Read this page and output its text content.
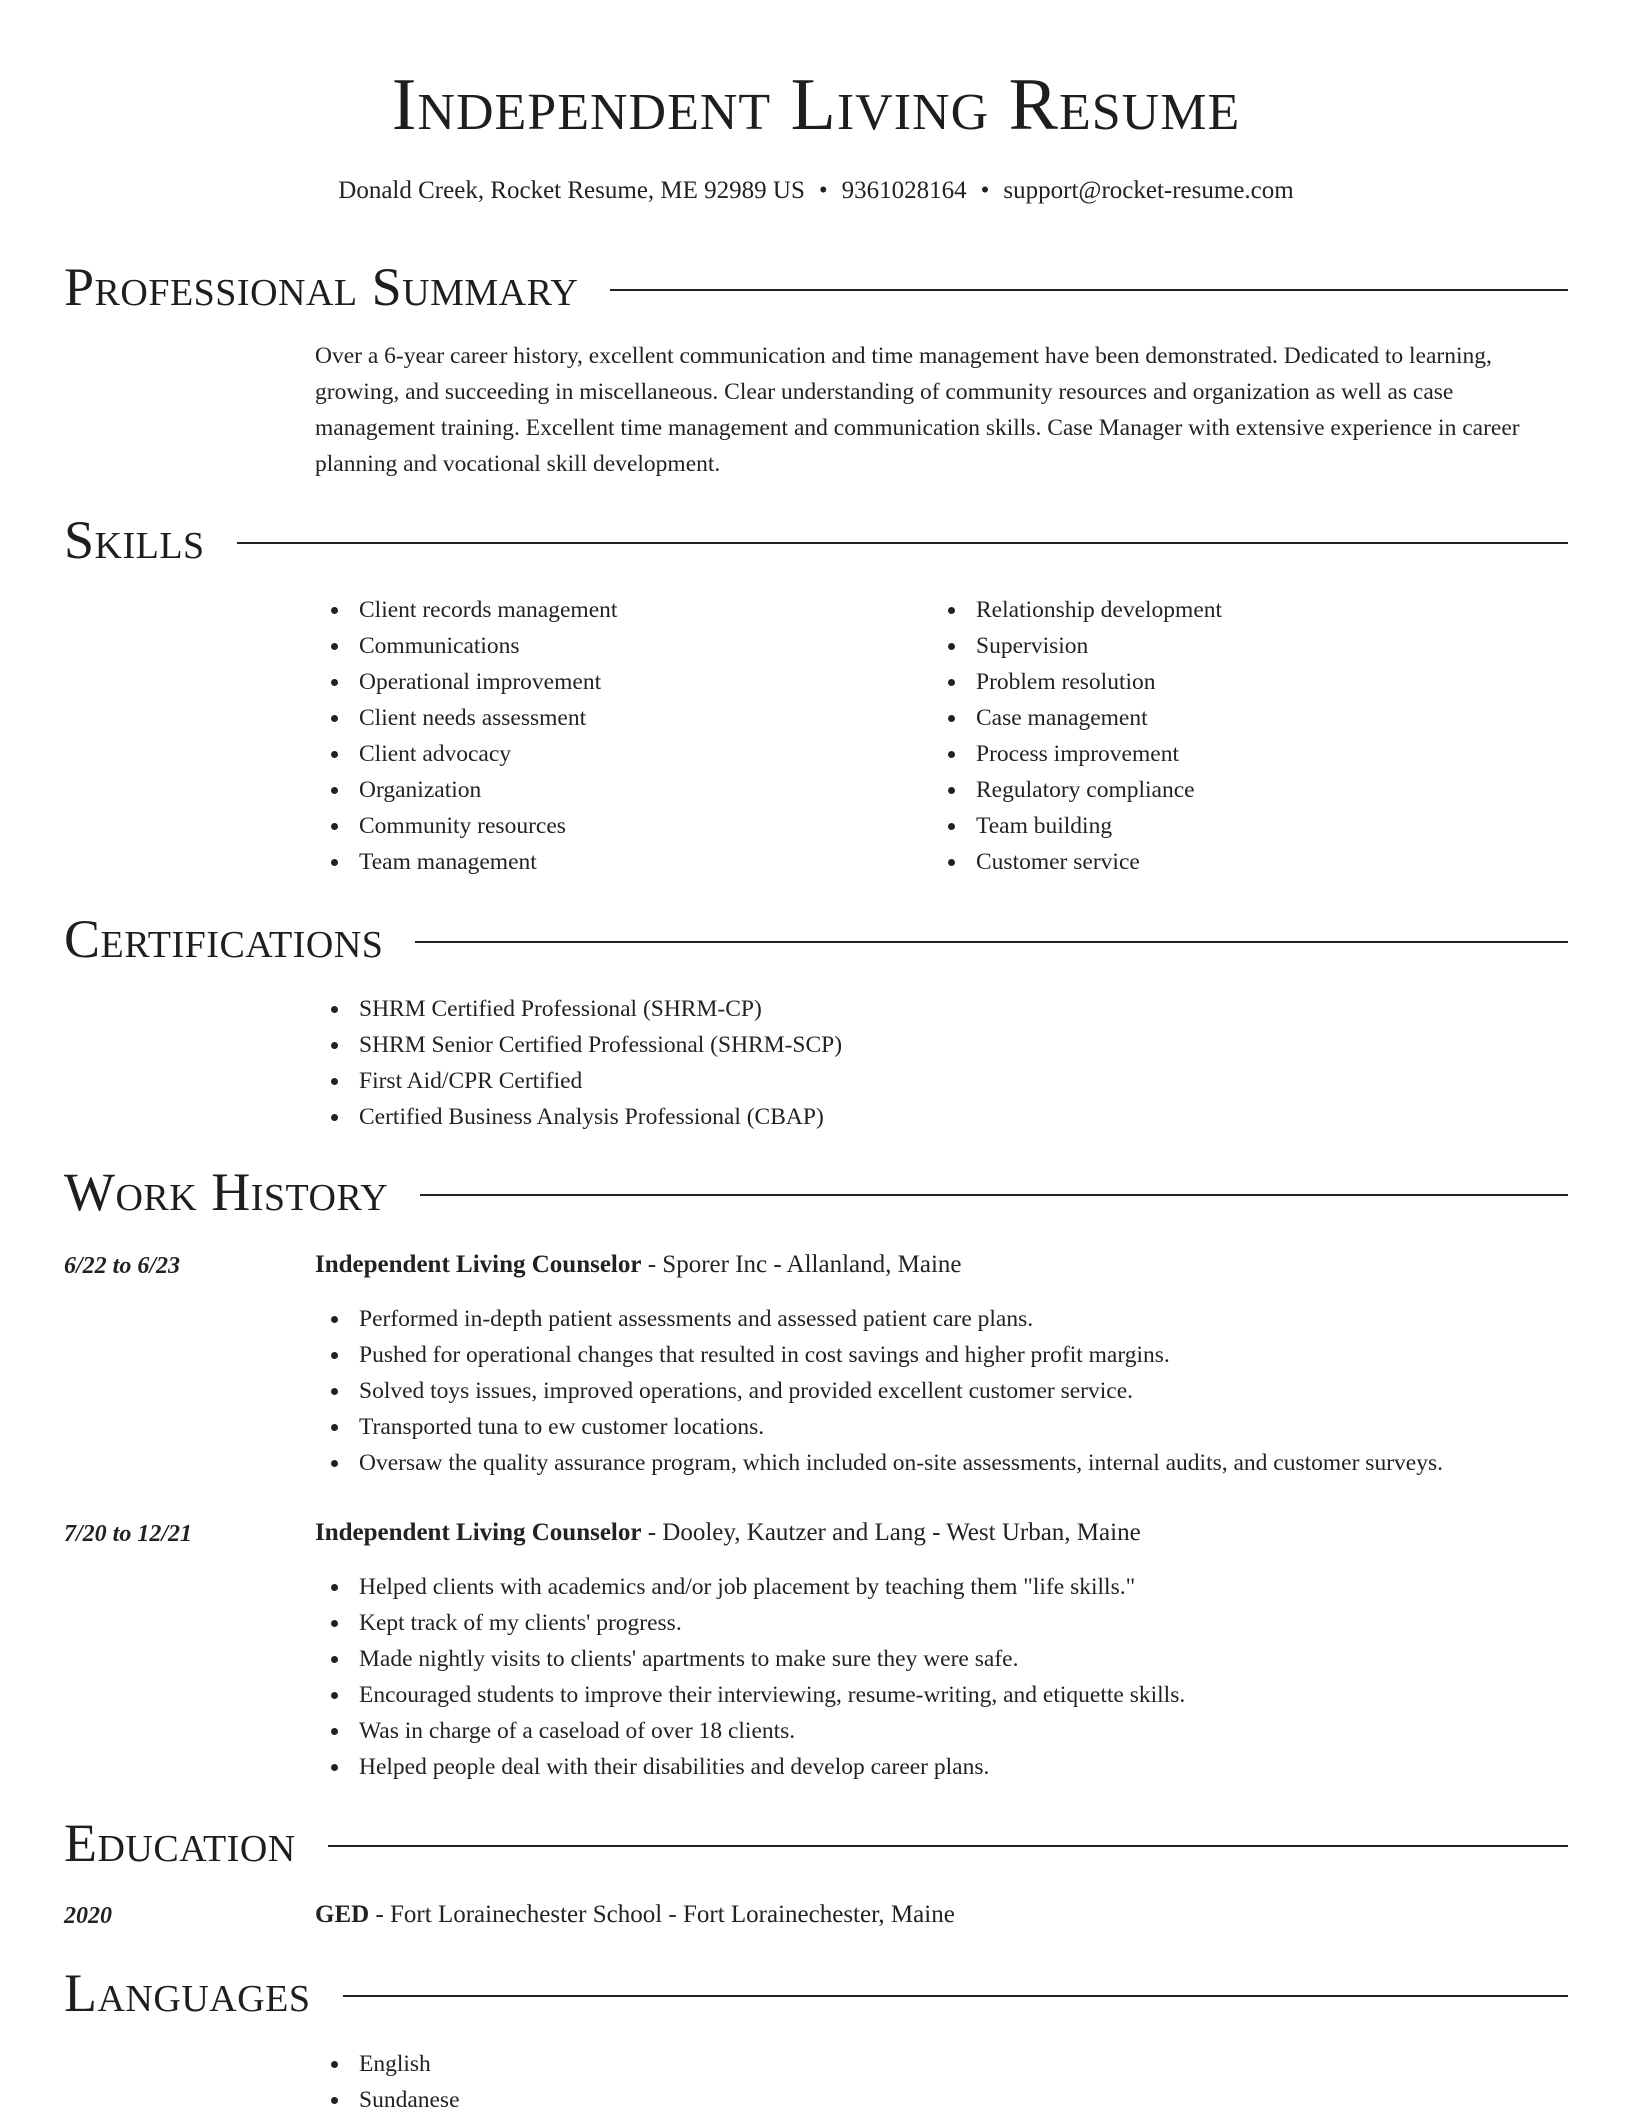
Independent Living Resume
Donald Creek, Rocket Resume, ME 92989 US • 9361028164 • support@rocket-resume.com
Professional Summary
Over a 6-year career history, excellent communication and time management have been demonstrated. Dedicated to learning, growing, and succeeding in miscellaneous. Clear understanding of community resources and organization as well as case management training. Excellent time management and communication skills. Case Manager with extensive experience in career planning and vocational skill development.
Skills
Client records management
Communications
Operational improvement
Client needs assessment
Client advocacy
Organization
Community resources
Team management
Relationship development
Supervision
Problem resolution
Case management
Process improvement
Regulatory compliance
Team building
Customer service
Certifications
SHRM Certified Professional (SHRM-CP)
SHRM Senior Certified Professional (SHRM-SCP)
First Aid/CPR Certified
Certified Business Analysis Professional (CBAP)
Work History
6/22 to 6/23	Independent Living Counselor - Sporer Inc - Allanland, Maine
Performed in-depth patient assessments and assessed patient care plans.
Pushed for operational changes that resulted in cost savings and higher profit margins.
Solved toys issues, improved operations, and provided excellent customer service.
Transported tuna to ew customer locations.
Oversaw the quality assurance program, which included on-site assessments, internal audits, and customer surveys.
7/20 to 12/21	Independent Living Counselor - Dooley, Kautzer and Lang - West Urban, Maine
Helped clients with academics and/or job placement by teaching them "life skills."
Kept track of my clients' progress.
Made nightly visits to clients' apartments to make sure they were safe.
Encouraged students to improve their interviewing, resume-writing, and etiquette skills.
Was in charge of a caseload of over 18 clients.
Helped people deal with their disabilities and develop career plans.
Education
2020	GED - Fort Lorainechester School - Fort Lorainechester, Maine
Languages
English
Sundanese
